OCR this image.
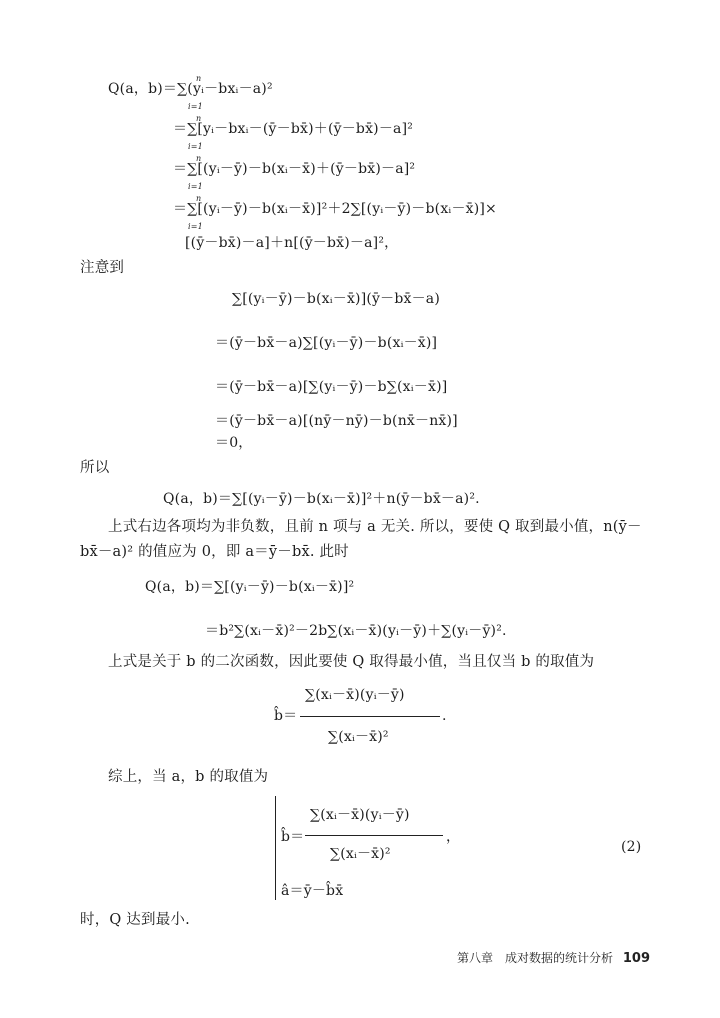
Q(a，b)＝∑(yᵢ－bxᵢ－a)²
＝∑[yᵢ－bxᵢ－(ȳ－bx̄)＋(ȳ－bx̄)－a]²
＝∑[(yᵢ－ȳ)－b(xᵢ－x̄)＋(ȳ－bx̄)－a]²
＝∑[(yᵢ－ȳ)－b(xᵢ－x̄)]²＋2∑[(yᵢ－ȳ)－b(xᵢ－x̄)]×
[(ȳ－bx̄)－a]＋n[(ȳ－bx̄)－a]²，
n
i=1
n
i=1
n
i=1
n
i=1
注意到
∑[(yᵢ－ȳ)－b(xᵢ－x̄)](ȳ－bx̄－a)
＝(ȳ－bx̄－a)∑[(yᵢ－ȳ)－b(xᵢ－x̄)]
＝(ȳ－bx̄－a)[∑(yᵢ－ȳ)－b∑(xᵢ－x̄)]
＝(ȳ－bx̄－a)[(nȳ－nȳ)－b(nx̄－nx̄)]
＝0，
所以
Q(a，b)＝∑[(yᵢ－ȳ)－b(xᵢ－x̄)]²＋n(ȳ－bx̄－a)².
上式右边各项均为非负数，且前 n 项与 a 无关. 所以，要使 Q 取到最小值，n(ȳ－
bx̄－a)² 的值应为 0，即 a＝ȳ－bx̄. 此时
Q(a，b)＝∑[(yᵢ－ȳ)－b(xᵢ－x̄)]²
＝b²∑(xᵢ－x̄)²－2b∑(xᵢ－x̄)(yᵢ－ȳ)＋∑(yᵢ－ȳ)².
上式是关于 b 的二次函数，因此要使 Q 取得最小值，当且仅当 b 的取值为
b̂＝
∑(xᵢ－x̄)(yᵢ－ȳ)
∑(xᵢ－x̄)²
.
综上，当 a，b 的取值为
b̂＝
∑(xᵢ－x̄)(yᵢ－ȳ)
∑(xᵢ－x̄)²
，
â＝ȳ－b̂x̄
(2)
时，Q 达到最小.
第八章　成对数据的统计分析 109
